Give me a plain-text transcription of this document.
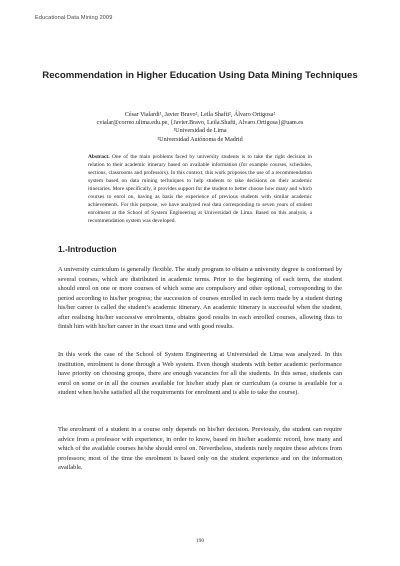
Educational Data Mining 2009
Recommendation in Higher Education Using Data Mining Techniques
César Vialardi¹, Javier Bravo², Leila Shafti², Álvaro Ortigosa²
cvialar@correo.ulima.edu.pe, {Javier.Bravo, Leila.Shafti, Alvaro.Ortigosa}@uam.es
¹Universidad de Lima
²Universidad Autónoma de Madrid
Abstract. One of the main problems faced by university students is to take the right decision in relation to their academic itinerary based on available information (for example courses, schedules, sections, classrooms and professors). In this context, this work proposes the use of a recommendation system based on data mining techniques to help students to take decisions on their academic itineraries. More specifically, it provides support for the student to better choose how many and which courses to enrol on, having as basis the experience of previous students with similar academic achievements. For this purpose, we have analyzed real data corresponding to seven years of student enrolment at the School of System Engineering at Universidad de Lima. Based on this analysis, a recommendation system was developed.
1.-Introduction

A university curriculum is generally flexible. The study program to obtain a university degree is conformed by several courses, which are distributed in academic terms. Prior to the beginning of each term, the student should enrol on one or more courses of which some are compulsory and other optional, corresponding to the period according to his/her progress; the succession of courses enrolled in each term made by a student during his/her career is called the student’s academic itinerary. An academic itinerary is successful when the student, after realising his/her successive enrolments, obtains good results in each enrolled courses, allowing thus to finish him with his/her career in the exact time and with good results.

In this work the case of the School of System Engineering at Universidad de Lima was analyzed. In this institution, enrolment is done through a Web system. Even though students with better academic performance have priority on choosing groups, there are enough vacancies for all the students. In this sense, students can enrol on some or in all the courses available for his/her study plan or curriculum (a course is available for a student when he/she satisfied all the requirements for enrolment and is able to take the course).

The enrolment of a student in a course only depends on his/her decision. Previously, the student can require advice from a professor with experience, in order to know, based on his/her academic record, how many and which of the available courses he/she should enrol on. Nevertheless, students rarely require these advices from professors; most of the time the enrolment is based only on the student experience and on the information available.

190
